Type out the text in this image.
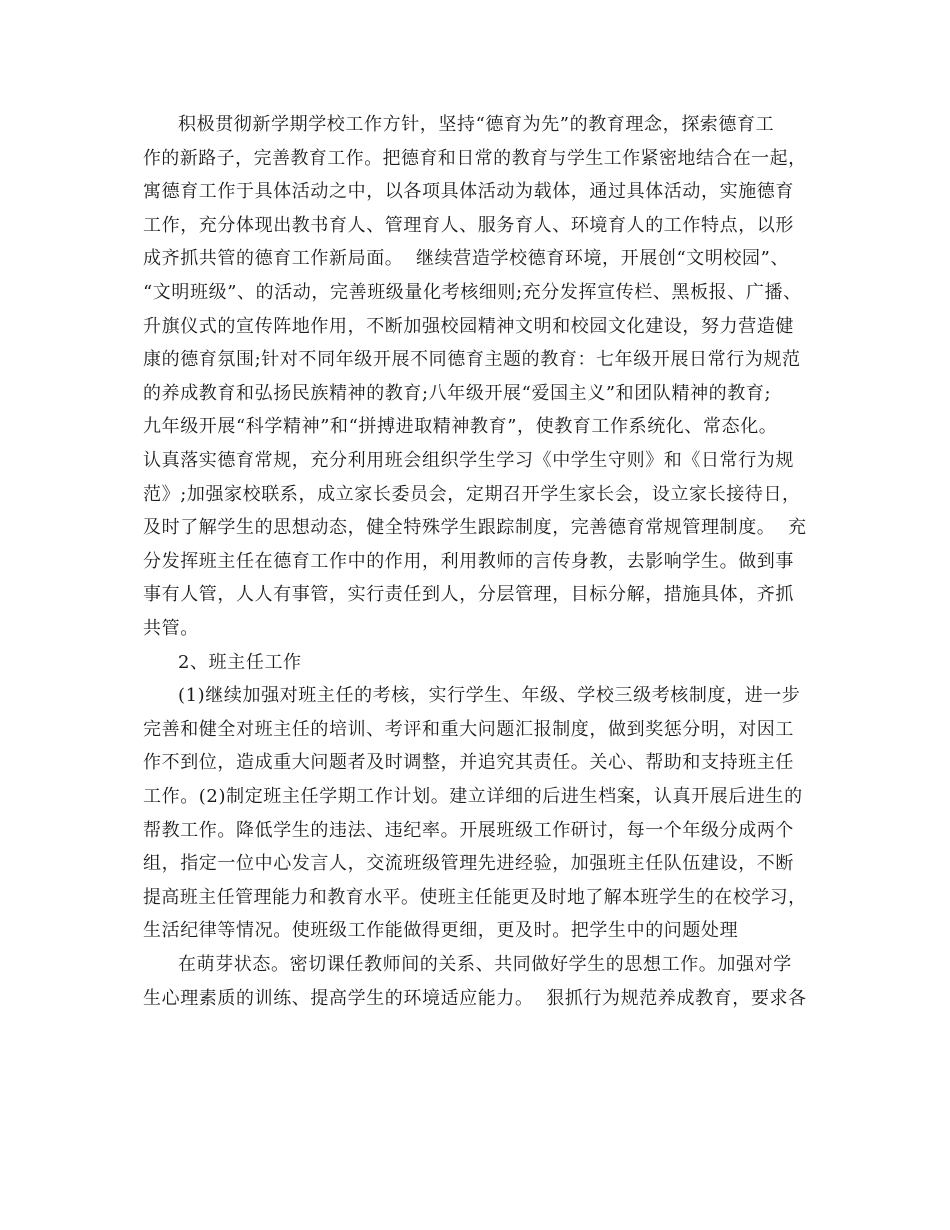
积极贯彻新学期学校工作方针，坚持“德育为先”的教育理念，探索德育工
作的新路子，完善教育工作。把德育和日常的教育与学生工作紧密地结合在一起，
寓德育工作于具体活动之中，以各项具体活动为载体，通过具体活动，实施德育
工作，充分体现出教书育人、管理育人、服务育人、环境育人的工作特点，以形
成齐抓共管的德育工作新局面。  继续营造学校德育环境，开展创“文明校园”、
“文明班级”、的活动，完善班级量化考核细则;充分发挥宣传栏、黑板报、广播、
升旗仪式的宣传阵地作用，不断加强校园精神文明和校园文化建设，努力营造健
康的德育氛围;针对不同年级开展不同德育主题的教育：七年级开展日常行为规范
的养成教育和弘扬民族精神的教育;八年级开展“爱国主义”和团队精神的教育;
九年级开展“科学精神”和“拼搏进取精神教育”，使教育工作系统化、常态化。
认真落实德育常规，充分利用班会组织学生学习《中学生守则》和《日常行为规
范》;加强家校联系，成立家长委员会，定期召开学生家长会，设立家长接待日，
及时了解学生的思想动态，健全特殊学生跟踪制度，完善德育常规管理制度。  充
分发挥班主任在德育工作中的作用，利用教师的言传身教，去影响学生。做到事
事有人管，人人有事管，实行责任到人，分层管理，目标分解，措施具体，齐抓
共管。
2、班主任工作
(1)继续加强对班主任的考核，实行学生、年级、学校三级考核制度，进一步
完善和健全对班主任的培训、考评和重大问题汇报制度，做到奖惩分明，对因工
作不到位，造成重大问题者及时调整，并追究其责任。关心、帮助和支持班主任
工作。(2)制定班主任学期工作计划。建立详细的后进生档案，认真开展后进生的
帮教工作。降低学生的违法、违纪率。开展班级工作研讨，每一个年级分成两个
组，指定一位中心发言人，交流班级管理先进经验，加强班主任队伍建设，不断
提高班主任管理能力和教育水平。使班主任能更及时地了解本班学生的在校学习，
生活纪律等情况。使班级工作能做得更细，更及时。把学生中的问题处理
在萌芽状态。密切课任教师间的关系、共同做好学生的思想工作。加强对学
生心理素质的训练、提高学生的环境适应能力。  狠抓行为规范养成教育，要求各
